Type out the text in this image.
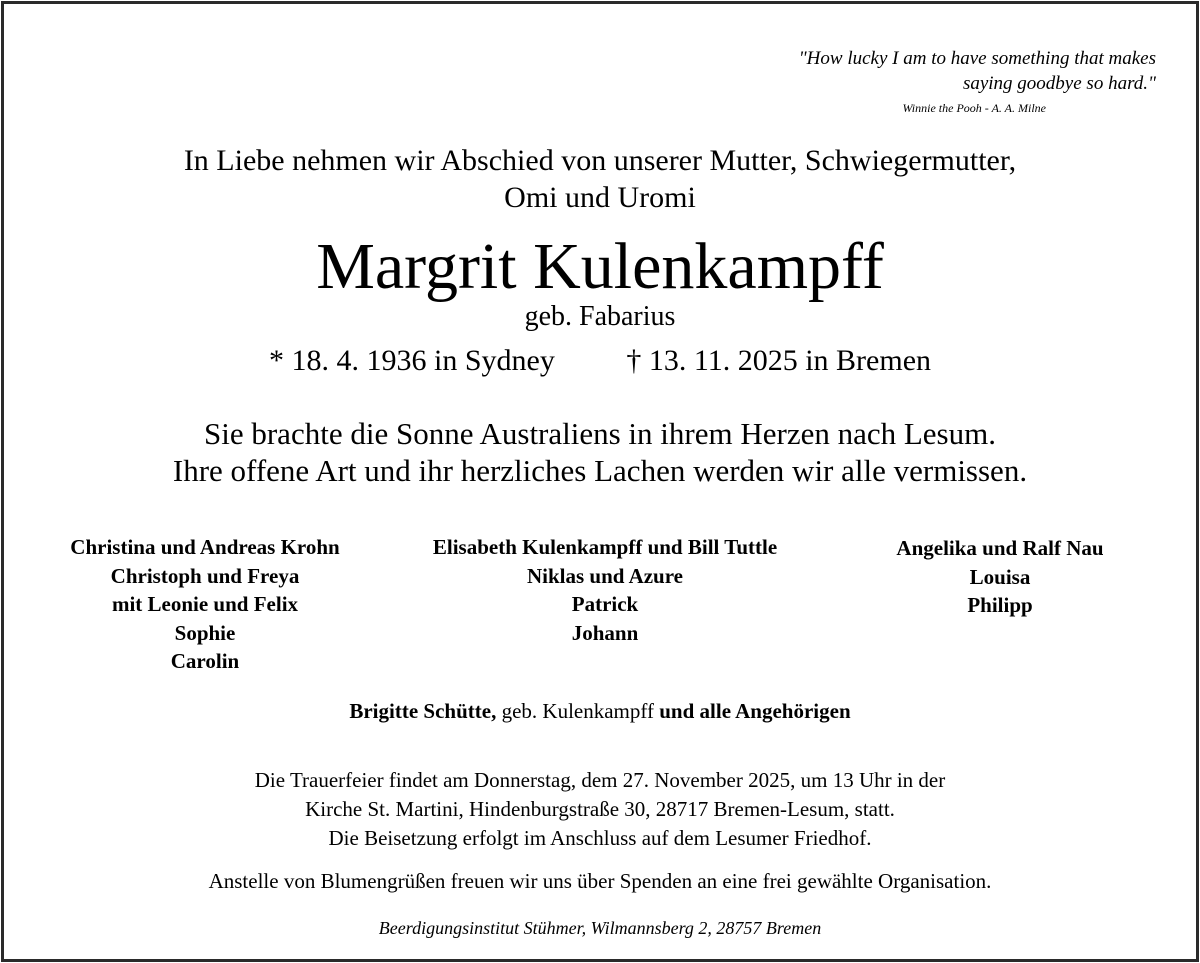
"How lucky I am to have something that makes
saying goodbye so hard."
Winnie the Pooh - A. A. Milne
In Liebe nehmen wir Abschied von unserer Mutter, Schwiegermutter,
Omi und Uromi
Margrit Kulenkampff
geb. Fabarius
* 18. 4. 1936 in Sydney † 13. 11. 2025 in Bremen
Sie brachte die Sonne Australiens in ihrem Herzen nach Lesum.
Ihre offene Art und ihr herzliches Lachen werden wir alle vermissen.
Christina und Andreas Krohn
Christoph und Freya
mit Leonie und Felix
Sophie
Carolin
Elisabeth Kulenkampff und Bill Tuttle
Niklas und Azure
Patrick
Johann
Angelika und Ralf Nau
Louisa
Philipp
Brigitte Schütte, geb. Kulenkampff und alle Angehörigen
Die Trauerfeier findet am Donnerstag, dem 27. November 2025, um 13 Uhr in der
Kirche St. Martini, Hindenburgstraße 30, 28717 Bremen-Lesum, statt.
Die Beisetzung erfolgt im Anschluss auf dem Lesumer Friedhof.
Anstelle von Blumengrüßen freuen wir uns über Spenden an eine frei gewählte Organisation.
Beerdigungsinstitut Stühmer, Wilmannsberg 2, 28757 Bremen
